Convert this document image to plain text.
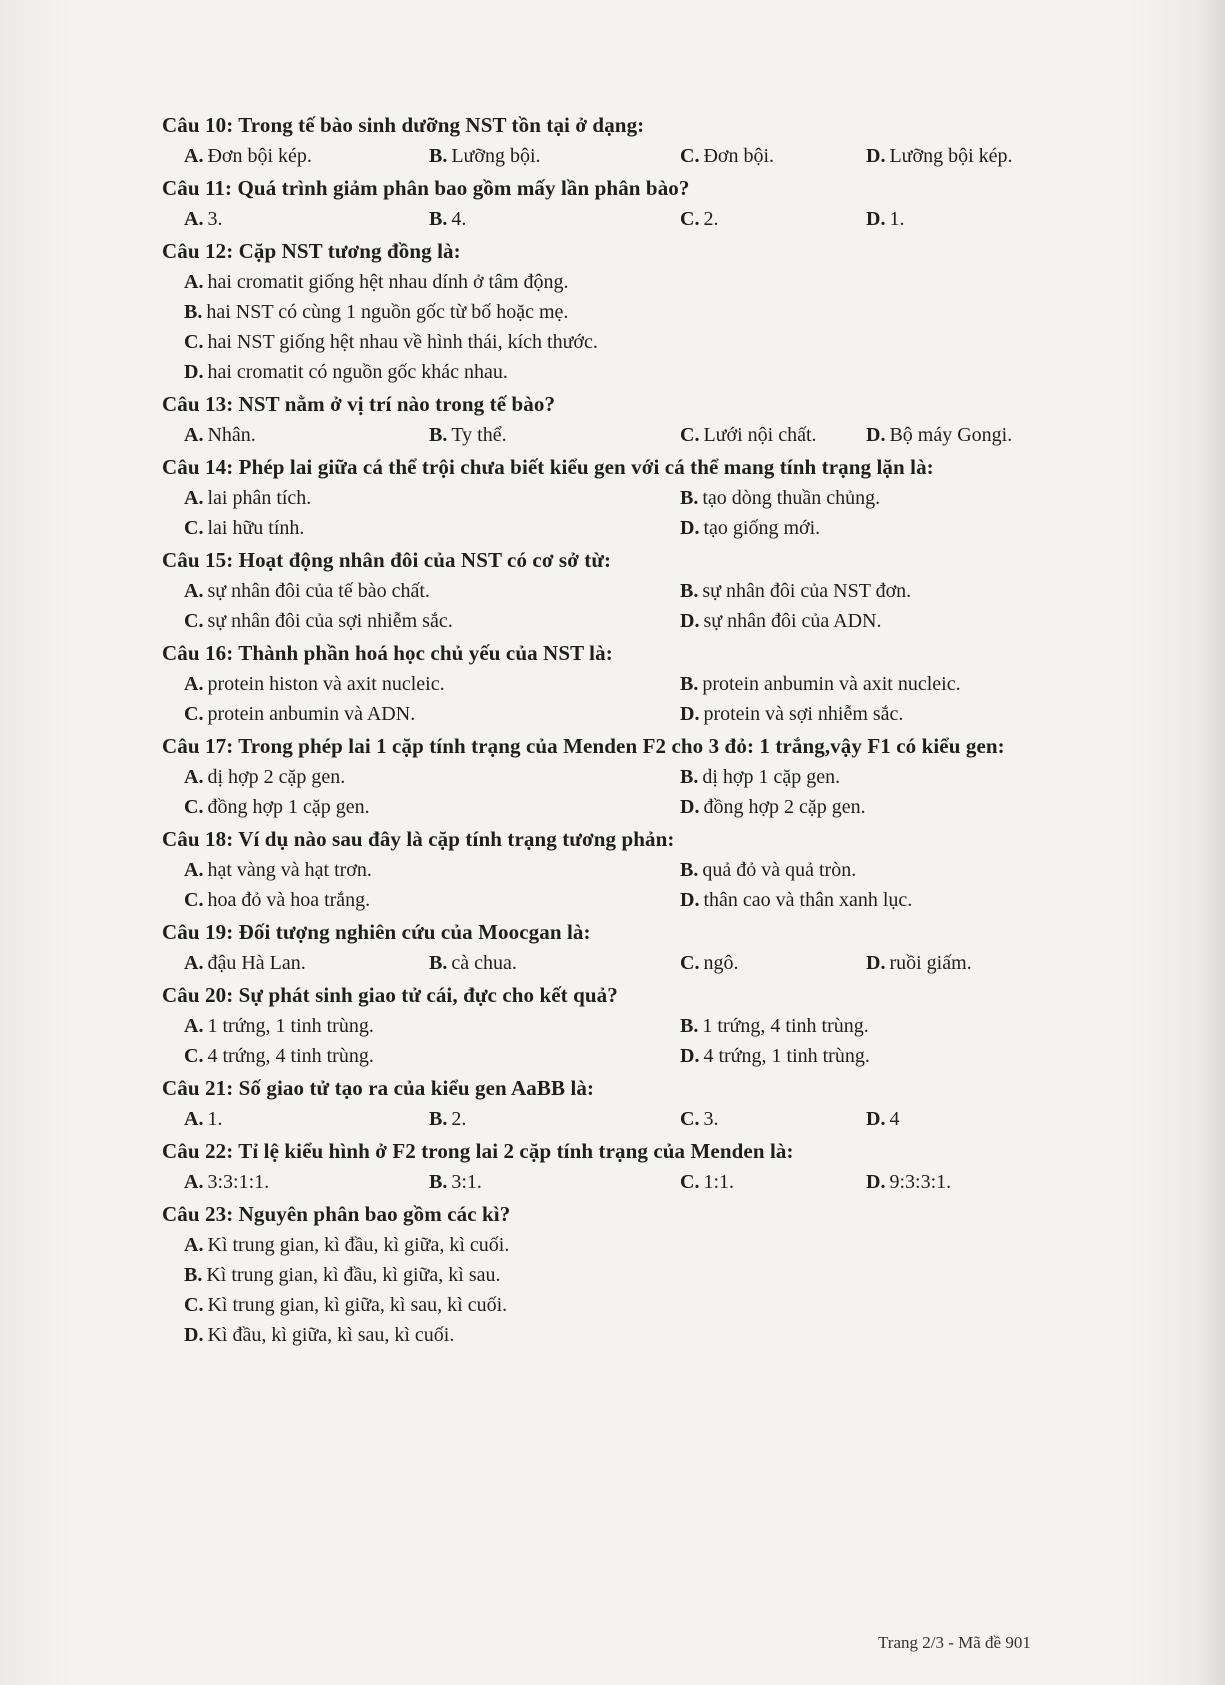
Câu 10: Trong tế bào sinh dưỡng NST tồn tại ở dạng:
A. Đơn bội kép.	B. Lưỡng bội.	C. Đơn bội.	D. Lưỡng bội kép.
Câu 11: Quá trình giảm phân bao gồm mấy lần phân bào?
A. 3.	B. 4.	C. 2.	D. 1.
Câu 12: Cặp NST tương đồng là:
A. hai cromatit giống hệt nhau dính ở tâm động.
B. hai NST có cùng 1 nguồn gốc từ bố hoặc mẹ.
C. hai NST giống hệt nhau về hình thái, kích thước.
D. hai cromatit có nguồn gốc khác nhau.
Câu 13: NST nằm ở vị trí nào trong tế bào?
A. Nhân.	B. Ty thể.	C. Lưới nội chất.	D. Bộ máy Gongi.
Câu 14: Phép lai giữa cá thể trội chưa biết kiểu gen với cá thể mang tính trạng lặn là:
A. lai phân tích.	B. tạo dòng thuần chủng.
C. lai hữu tính.	D. tạo giống mới.
Câu 15: Hoạt động nhân đôi của NST có cơ sở từ:
A. sự nhân đôi của tế bào chất.	B. sự nhân đôi của NST đơn.
C. sự nhân đôi của sợi nhiễm sắc.	D. sự nhân đôi của ADN.
Câu 16: Thành phần hoá học chủ yếu của NST là:
A. protein histon và axit nucleic.	B. protein anbumin và axit nucleic.
C. protein anbumin và ADN.	D. protein và sợi nhiễm sắc.
Câu 17: Trong phép lai 1 cặp tính trạng của Menden F2 cho 3 đỏ: 1 trắng,vậy F1 có kiểu gen:
A. dị hợp 2 cặp gen.	B. dị hợp 1 cặp gen.
C. đồng hợp 1 cặp gen.	D. đồng hợp 2 cặp gen.
Câu 18: Ví dụ nào sau đây là cặp tính trạng tương phản:
A. hạt vàng và hạt trơn.	B. quả đỏ và quả tròn.
C. hoa đỏ và hoa trắng.	D. thân cao và thân xanh lục.
Câu 19: Đối tượng nghiên cứu của Moocgan là:
A. đậu Hà Lan.	B. cà chua.	C. ngô.	D. ruồi giấm.
Câu 20: Sự phát sinh giao tử cái, đực cho kết quả?
A. 1 trứng, 1 tinh trùng.	B. 1 trứng, 4 tinh trùng.
C. 4 trứng, 4 tinh trùng.	D. 4 trứng, 1 tinh trùng.
Câu 21: Số giao tử tạo ra của kiểu gen AaBB là:
A. 1.	B. 2.	C. 3.	D. 4
Câu 22: Tỉ lệ kiểu hình ở F2 trong lai 2 cặp tính trạng của Menden là:
A. 3:3:1:1.	B. 3:1.	C. 1:1.	D. 9:3:3:1.
Câu 23: Nguyên phân bao gồm các kì?
A. Kì trung gian, kì đầu, kì giữa, kì cuối.
B. Kì trung gian, kì đầu, kì giữa, kì sau.
C. Kì trung gian, kì giữa, kì sau, kì cuối.
D. Kì đầu, kì giữa, kì sau, kì cuối.
Trang 2/3 - Mã đề 901
